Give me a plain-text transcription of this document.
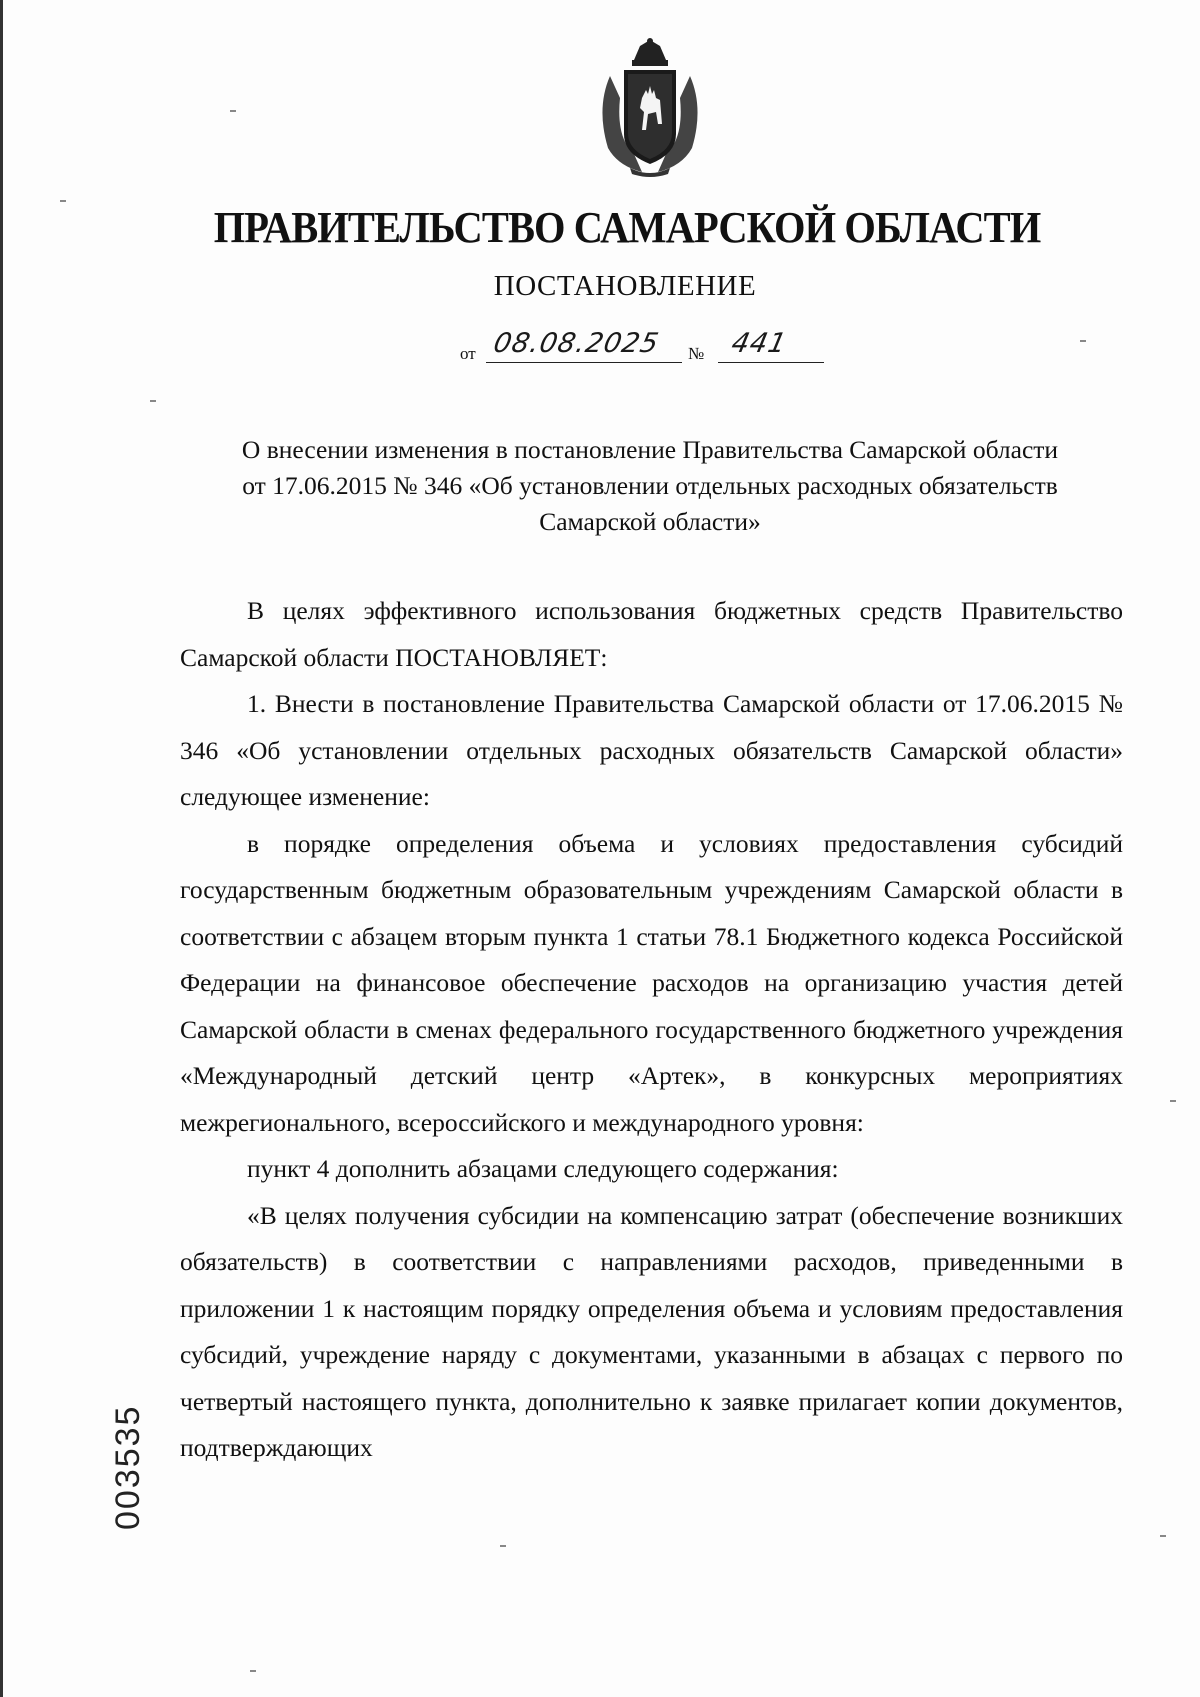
ПРАВИТЕЛЬСТВО САМАРСКОЙ ОБЛАСТИ
ПОСТАНОВЛЕНИЕ
от 08.08.2025 № 441
О внесении изменения в постановление Правительства Самарской области
от 17.06.2015 № 346 «Об установлении отдельных расходных обязательств
Самарской области»

В целях эффективного использования бюджетных средств Правительство Самарской области ПОСТАНОВЛЯЕТ:

1. Внести в постановление Правительства Самарской области от 17.06.2015 № 346 «Об установлении отдельных расходных обязательств Самарской области» следующее изменение:

в порядке определения объема и условиях предоставления субсидий государственным бюджетным образовательным учреждениям Самарской области в соответствии с абзацем вторым пункта 1 статьи 78.1 Бюджетного кодекса Российской Федерации на финансовое обеспечение расходов на организацию участия детей Самарской области в сменах федерального государственного бюджетного учреждения «Международный детский центр «Артек», в конкурсных мероприятиях межрегионального, всероссийского и международного уровня:

пункт 4 дополнить абзацами следующего содержания:

«В целях получения субсидии на компенсацию затрат (обеспечение возникших обязательств) в соответствии с направлениями расходов, приведенными в приложении 1 к настоящим порядку определения объема и условиям предоставления субсидий, учреждение наряду с документами, указанными в абзацах с первого по четвертый настоящего пункта, дополнительно к заявке прилагает копии документов, подтверждающих

003535
